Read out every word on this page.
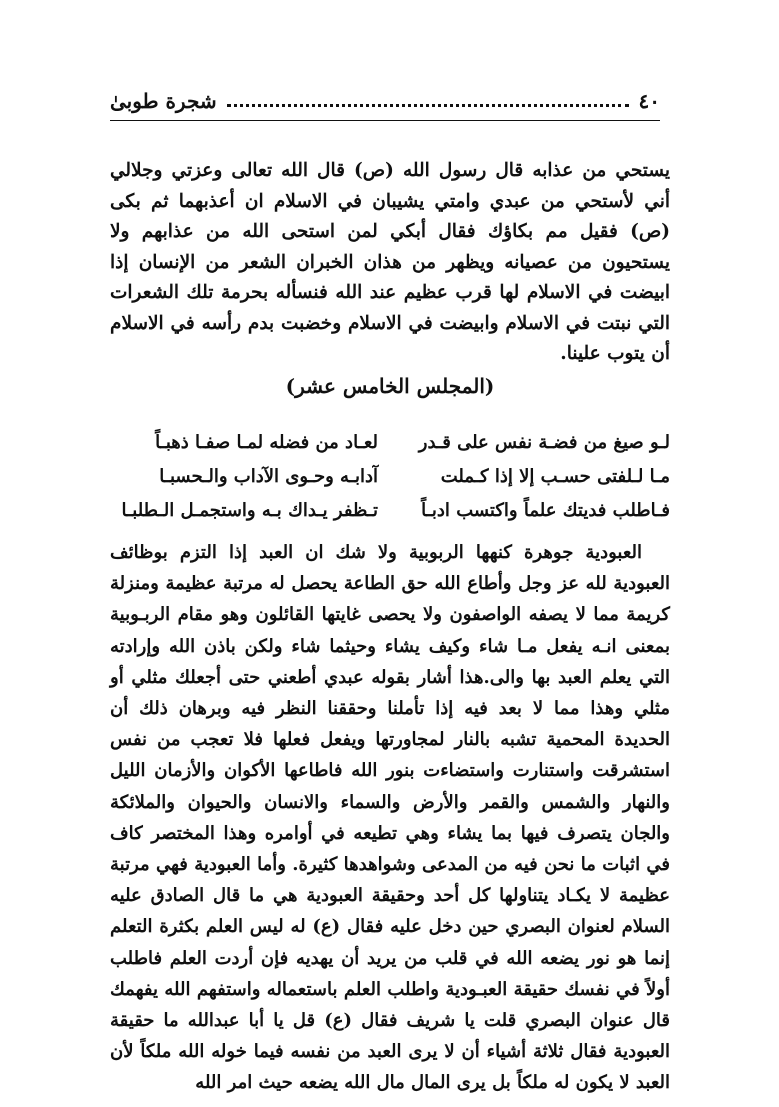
٤٠
شجرة طوبىٰ

يستحي من عذابه قال رسول الله (ص) قال الله تعالى وعزتي وجلالي أني لأستحي من عبدي وامتي يشيبان في الاسلام ان أعذبهما ثم بكى (ص) فقيل مم بكاؤك فقال أبكي لمن استحى الله من عذابهم ولا يستحيون من عصيانه ويظهر من هذان الخبران الشعر من الإنسان إذا ابيضت في الاسلام لها قرب عظيم عند الله فنسأله بحرمة تلك الشعرات التي نبتت في الاسلام وابيضت في الاسلام وخضبت بدم رأسه في الاسلام أن يتوب علينا.

(المجلس الخامس عشر)
لـو صيغ من فضـة نفس على قـدر
لعـاد من فضله لمـا صفـا ذهبـاً
مـا لـلفتى حسـب إلا إذا كـملت
آدابـه وحـوى الآداب والـحسبـا
فـاطلب فديتك علماً واكتسب ادبـاً
تـظفر يـداك بـه واستجمـل الـطلبـا

العبودية جوهرة كنهها الربوبية ولا شك ان العبد إذا التزم بوظائف العبودية لله عز وجل وأطاع الله حق الطاعة يحصل له مرتبة عظيمة ومنزلة كريمة مما لا يصفه الواصفون ولا يحصى غايتها القائلون وهو مقام الربـوبية بمعنى انـه يفعل مـا شاء وكيف يشاء وحيثما شاء ولكن باذن الله وإرادته التي يعلم العبد بها والى.هذا أشار بقوله عبدي أطعني حتى أجعلك مثلي أو مثلي وهذا مما لا بعد فيه إذا تأملنا وحققنا النظر فيه وبرهان ذلك أن الحديدة المحمية تشبه بالنار لمجاورتها ويفعل فعلها فلا تعجب من نفس استشرقت واستنارت واستضاءت بنور الله فاطاعها الأكوان والأزمان الليل والنهار والشمس والقمر والأرض والسماء والانسان والحيوان والملائكة والجان يتصرف فيها بما يشاء وهي تطيعه في أوامره وهذا المختصر كاف في اثبات ما نحن فيه من المدعى وشواهدها كثيرة. وأما العبودية فهي مرتبة عظيمة لا يكـاد يتناولها كل أحد وحقيقة العبودية هي ما قال الصادق عليه السلام لعنوان البصري حين دخل عليه فقال (ع) له ليس العلم بكثرة التعلم إنما هو نور يضعه الله في قلب من يريد أن يهديه فإن أردت العلم فاطلب أولاً في نفسك حقيقة العبـودية واطلب العلم باستعماله واستفهم الله يفهمك قال عنوان البصري قلت يا شريف فقال (ع) قل يا أبا عبدالله ما حقيقة العبودية فقال ثلاثة أشياء أن لا يرى العبد من نفسه فيما خوله الله ملكاً لأن العبد لا يكون له ملكاً بل يرى المال مال الله يضعه حيث امر الله
